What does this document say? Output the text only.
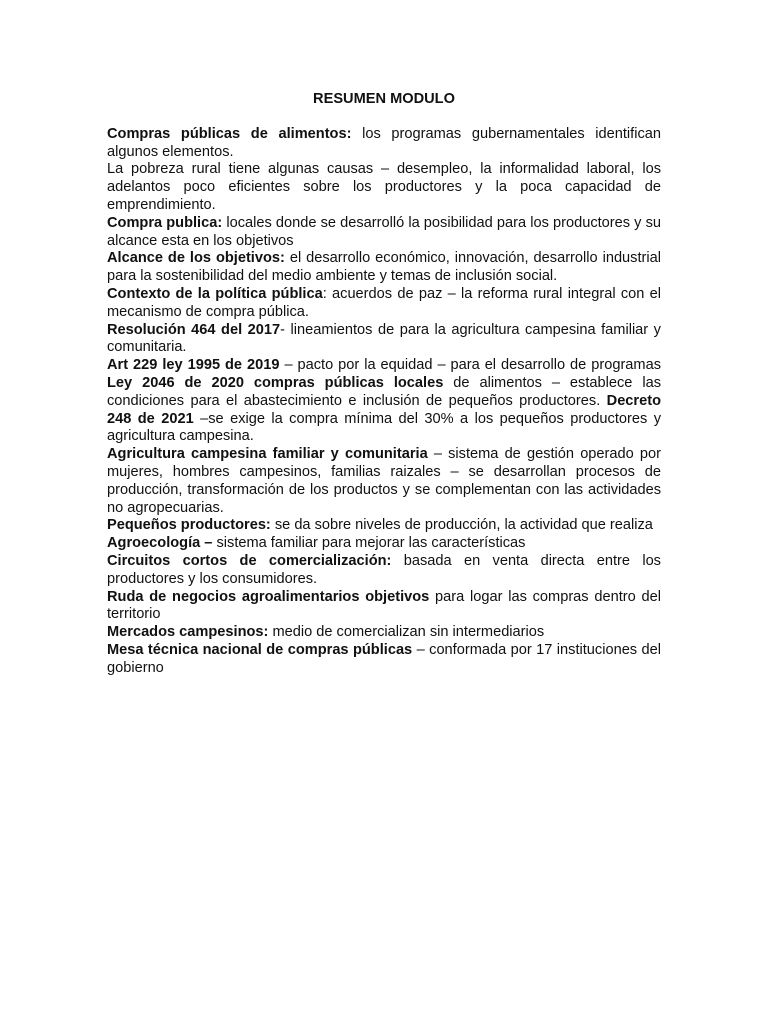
RESUMEN MODULO

Compras públicas de alimentos: los programas gubernamentales identifican algunos elementos.

La pobreza rural tiene algunas causas – desempleo, la informalidad laboral, los adelantos poco eficientes sobre los productores y la poca capacidad de emprendimiento.

Compra publica: locales donde se desarrolló la posibilidad para los productores y su alcance esta en los objetivos

Alcance de los objetivos: el desarrollo económico, innovación, desarrollo industrial para la sostenibilidad del medio ambiente y temas de inclusión social.

Contexto de la política pública: acuerdos de paz – la reforma rural integral con el mecanismo de compra pública.

Resolución 464 del 2017- lineamientos de para la agricultura campesina familiar y comunitaria.

Art 229 ley 1995 de 2019 – pacto por la equidad – para el desarrollo de programas Ley 2046 de 2020 compras públicas locales de alimentos – establece las condiciones para el abastecimiento e inclusión de pequeños productores. Decreto 248 de 2021 –se exige la compra mínima del 30% a los pequeños productores y agricultura campesina.

Agricultura campesina familiar y comunitaria – sistema de gestión operado por mujeres, hombres campesinos, familias raizales – se desarrollan procesos de producción, transformación de los productos y se complementan con las actividades no agropecuarias.

Pequeños productores: se da sobre niveles de producción, la actividad que realiza

Agroecología – sistema familiar para mejorar las características

Circuitos cortos de comercialización: basada en venta directa entre los productores y los consumidores.

Ruda de negocios agroalimentarios objetivos para logar las compras dentro del territorio

Mercados campesinos: medio de comercializan sin intermediarios

Mesa técnica nacional de compras públicas – conformada por 17 instituciones del gobierno
